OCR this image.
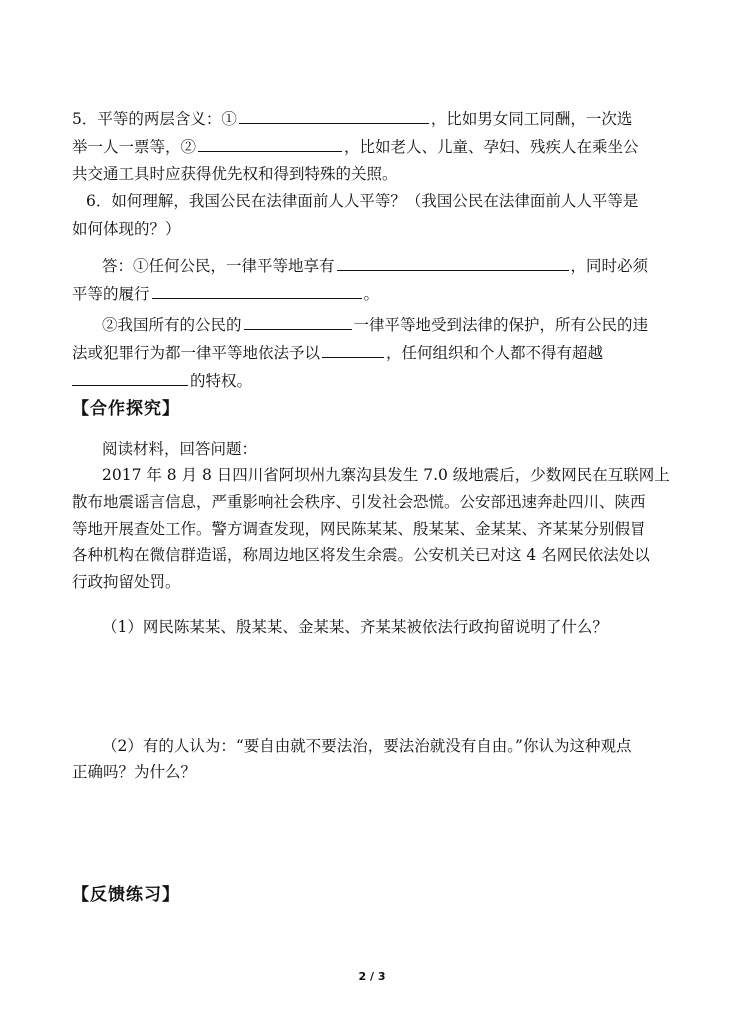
5．平等的两层含义：①	，比如男女同工同酬，一次选
举一人一票等，②	，比如老人、儿童、孕妇、残疾人在乘坐公
共交通工具时应获得优先权和得到特殊的关照。
6．如何理解，我国公民在法律面前人人平等？（我国公民在法律面前人人平等是
如何体现的？）
答：①任何公民，一律平等地享有	，同时必须
平等的履行	。
②我国所有的公民的	一律平等地受到法律的保护，所有公民的违
法或犯罪行为都一律平等地依法予以	，任何组织和个人都不得有超越
的特权。
【合作探究】
阅读材料，回答问题：
2017 年 8 月 8 日四川省阿坝州九寨沟县发生 7.0 级地震后，少数网民在互联网上
散布地震谣言信息，严重影响社会秩序、引发社会恐慌。公安部迅速奔赴四川、陕西
等地开展查处工作。警方调查发现，网民陈某某、殷某某、金某某、齐某某分别假冒
各种机构在微信群造谣，称周边地区将发生余震。公安机关已对这 4 名网民依法处以
行政拘留处罚。
（1）网民陈某某、殷某某、金某某、齐某某被依法行政拘留说明了什么？
（2）有的人认为：“要自由就不要法治，要法治就没有自由。”你认为这种观点
正确吗？为什么？
【反馈练习】
2 / 3
